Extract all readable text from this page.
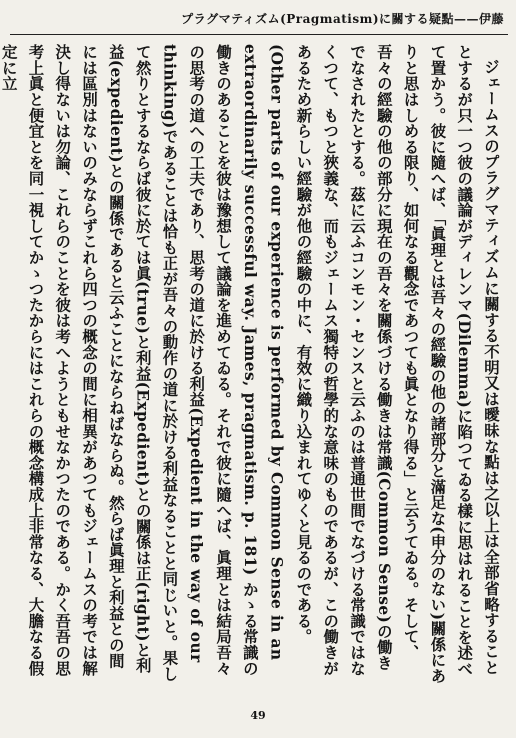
プラグマティズム(Pragmatism)に關する疑點——伊藤

ジェームスのプラグマティズムに關する不明又は曖昧な點は之以上は全部省略することとするが只一つ彼の議論がディレンマ(Dilemma)に陷つてゐる樣に思はれることを述べて置かう。彼に隨へば、「眞理とは吾々の經驗の他の諸部分と滿足な(申分のない)關係にありと思はしめる限り、如何なる觀念であつても眞となり得る」と云うてゐる。そして、吾々の經驗の他の部分に現在の吾々を關係づける働きは常識(Common Sense)の働きでなされたとする。茲に云ふコンモン・センスと云ふのは普通世間でなづける常識ではなくつて、もつと狹義な、而もジェームス獨特の哲學的な意味のものであるが、この働きがあるため新らしい經驗が他の經驗の中に、有效に織り込まれてゆくと見るのである。(Other parts of our experience is performed by Common Sense in an extraordinarily successful way. James, pragmatism. p. 181) かゝる常識の働きのあることを彼は豫想して議論を進めてゐる。それで彼に隨へば、眞理とは結局吾々の思考の道への工夫であり、思考の道に於ける利益(Expedient in the way of our thinking)であることは恰も正が吾々の動作の道に於ける利益なることと同じいと。果して然りとするならば彼に於ては眞(true)と利益(Expedient)との關係は正(right)と利益(expedient)との關係であると云ふことにならねばならぬ。然らば眞理と利益との間には區別はないのみならずこれら四つの概念の間に相異があつてもジェームスの考では解決し得ないは勿論、これらのことを彼は考へようともせなかつたのである。かく吾吾の思考上眞と便宜とを同一視してかゝつたからにはこれらの概念構成上非常なる、大膽なる假定に立

49
